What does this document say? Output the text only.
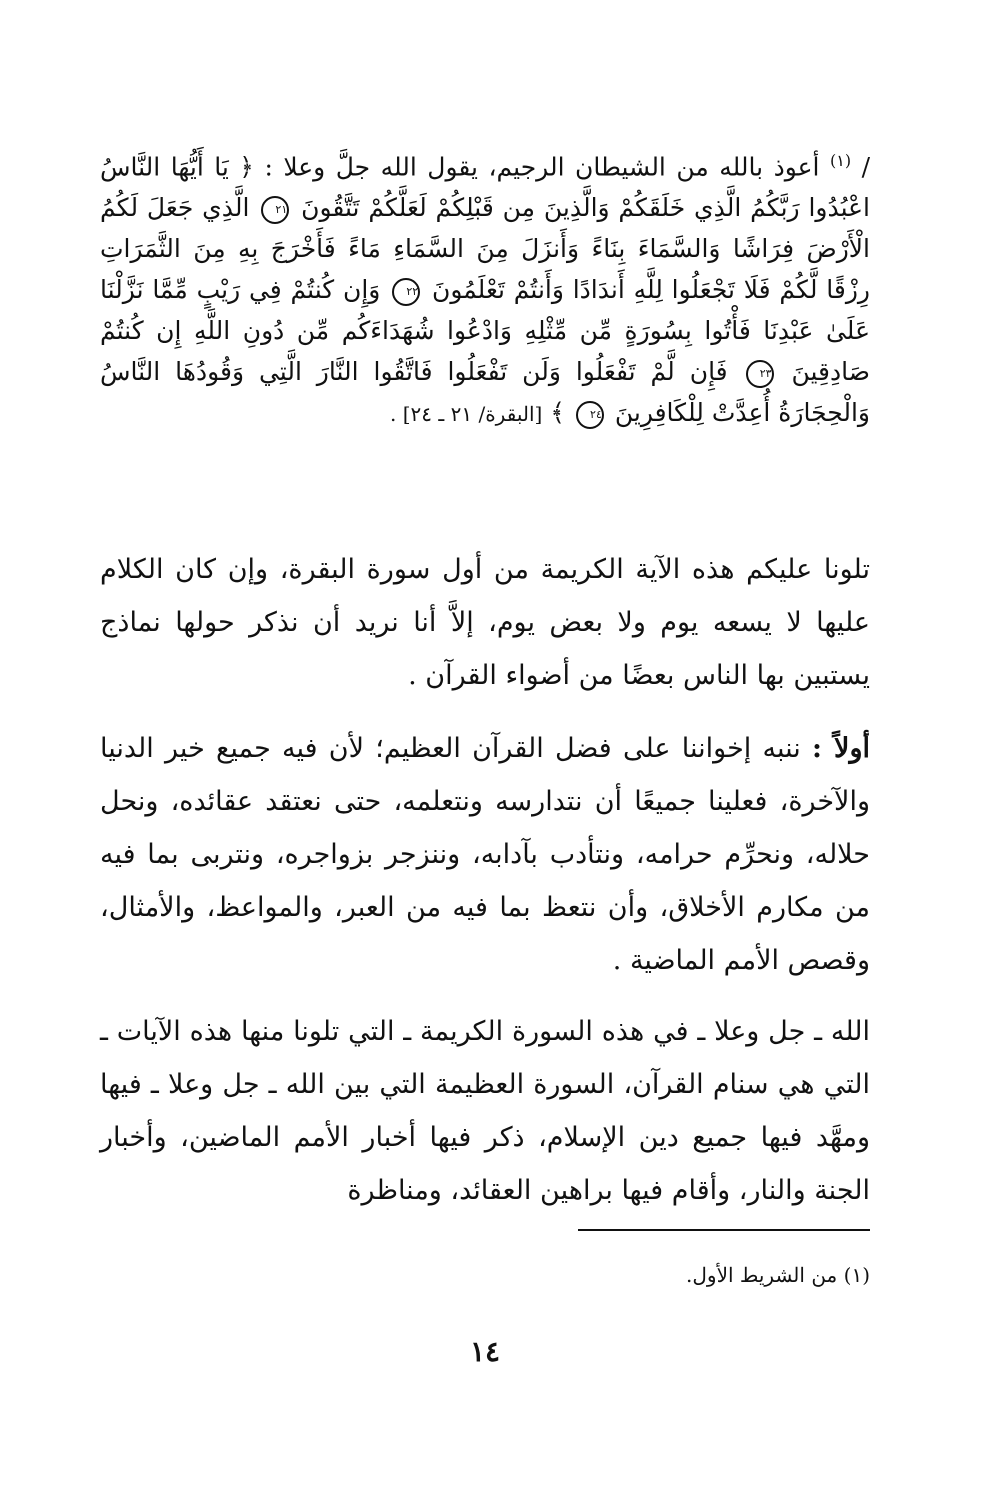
/ $^{(١)}$ أعوذ بالله من الشيطان الرجيم، يقول الله جلَّ وعلا : ﴿ يَا أَيُّهَا النَّاسُ اعْبُدُوا رَبَّكُمُ الَّذِي خَلَقَكُمْ وَالَّذِينَ مِن قَبْلِكُمْ لَعَلَّكُمْ تَتَّقُونَ ٢١ الَّذِي جَعَلَ لَكُمُ الْأَرْضَ فِرَاشًا وَالسَّمَاءَ بِنَاءً وَأَنزَلَ مِنَ السَّمَاءِ مَاءً فَأَخْرَجَ بِهِ مِنَ الثَّمَرَاتِ رِزْقًا لَّكُمْ فَلَا تَجْعَلُوا لِلَّهِ أَندَادًا وَأَنتُمْ تَعْلَمُونَ ٢٢ وَإِن كُنتُمْ فِي رَيْبٍ مِّمَّا نَزَّلْنَا عَلَىٰ عَبْدِنَا فَأْتُوا بِسُورَةٍ مِّن مِّثْلِهِ وَادْعُوا شُهَدَاءَكُم مِّن دُونِ اللَّهِ إِن كُنتُمْ صَادِقِينَ ٢٣ فَإِن لَّمْ تَفْعَلُوا وَلَن تَفْعَلُوا فَاتَّقُوا النَّارَ الَّتِي وَقُودُهَا النَّاسُ وَالْحِجَارَةُ أُعِدَّتْ لِلْكَافِرِينَ ٢٤ ﴾ [البقرة/ ٢١ ـ ٢٤] .

تلونا عليكم هذه الآية الكريمة من أول سورة البقرة، وإن كان الكلام عليها لا يسعه يوم ولا بعض يوم، إلاَّ أنا نريد أن نذكر حولها نماذج يستبين بها الناس بعضًا من أضواء القرآن .

أولاً : ننبه إخواننا على فضل القرآن العظيم؛ لأن فيه جميع خير الدنيا والآخرة، فعلينا جميعًا أن نتدارسه ونتعلمه، حتى نعتقد عقائده، ونحل حلاله، ونحرِّم حرامه، ونتأدب بآدابه، وننزجر بزواجره، ونتربى بما فيه من مكارم الأخلاق، وأن نتعظ بما فيه من العبر، والمواعظ، والأمثال، وقصص الأمم الماضية .

الله ـ جل وعلا ـ في هذه السورة الكريمة ـ التي تلونا منها هذه الآيات ـ التي هي سنام القرآن، السورة العظيمة التي بين الله ـ جل وعلا ـ فيها ومهَّد فيها جميع دين الإسلام، ذكر فيها أخبار الأمم الماضين، وأخبار الجنة والنار، وأقام فيها براهين العقائد، ومناظرة

(١) من الشريط الأول.
١٤
